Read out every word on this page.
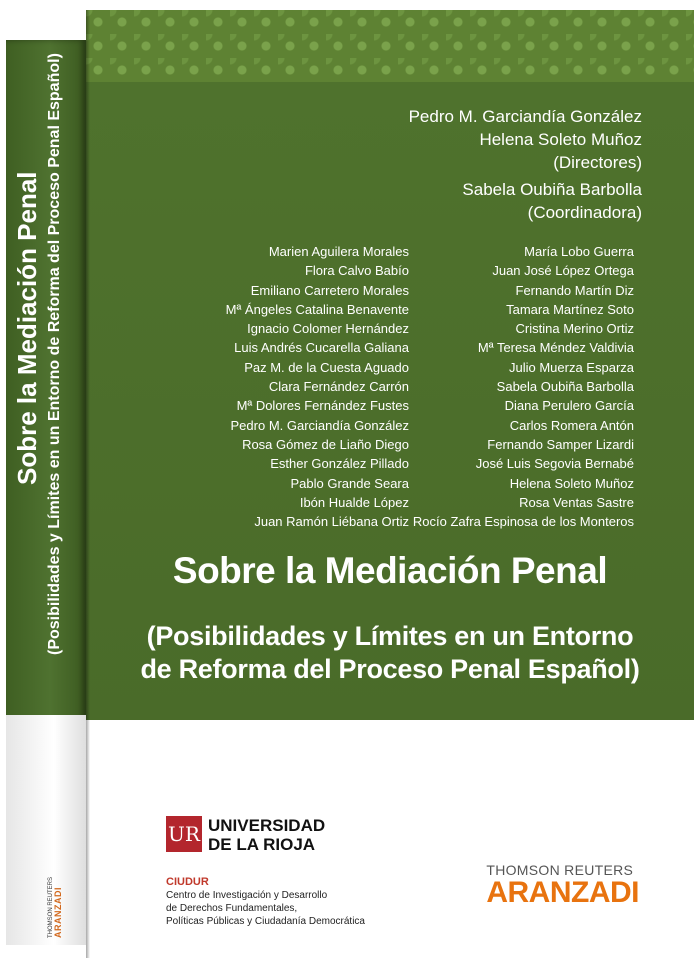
Sobre la Mediación Penal (Posibilidades y Límites en un Entorno de Reforma del Proceso Penal Español)
THOMSON REUTERS ARANZADI
Pedro M. Garciandía González
Helena Soleto Muñoz
(Directores)
Sabela Oubiña Barbolla
(Coordinadora)
Marien Aguilera Morales
Flora Calvo Babío
Emiliano Carretero Morales
Mª Ángeles Catalina Benavente
Ignacio Colomer Hernández
Luis Andrés Cucarella Galiana
Paz M. de la Cuesta Aguado
Clara Fernández Carrón
Mª Dolores Fernández Fustes
Pedro M. Garciandía González
Rosa Gómez de Liaño Diego
Esther González Pillado
Pablo Grande Seara
Ibón Hualde López
Juan Ramón Liébana Ortiz
María Lobo Guerra
Juan José López Ortega
Fernando Martín Diz
Tamara Martínez Soto
Cristina Merino Ortiz
Mª Teresa Méndez Valdivia
Julio Muerza Esparza
Sabela Oubiña Barbolla
Diana Perulero García
Carlos Romera Antón
Fernando Samper Lizardi
José Luis Segovia Bernabé
Helena Soleto Muñoz
Rosa Ventas Sastre
Rocío Zafra Espinosa de los Monteros
Sobre la Mediación Penal
(Posibilidades y Límites en un Entorno
de Reforma del Proceso Penal Español)
UR UNIVERSIDAD
DE LA RIOJA
CIUDUR
Centro de Investigación y Desarrollo
de Derechos Fundamentales,
Políticas Públicas y Ciudadanía Democrática
THOMSON REUTERS
ARANZADI
